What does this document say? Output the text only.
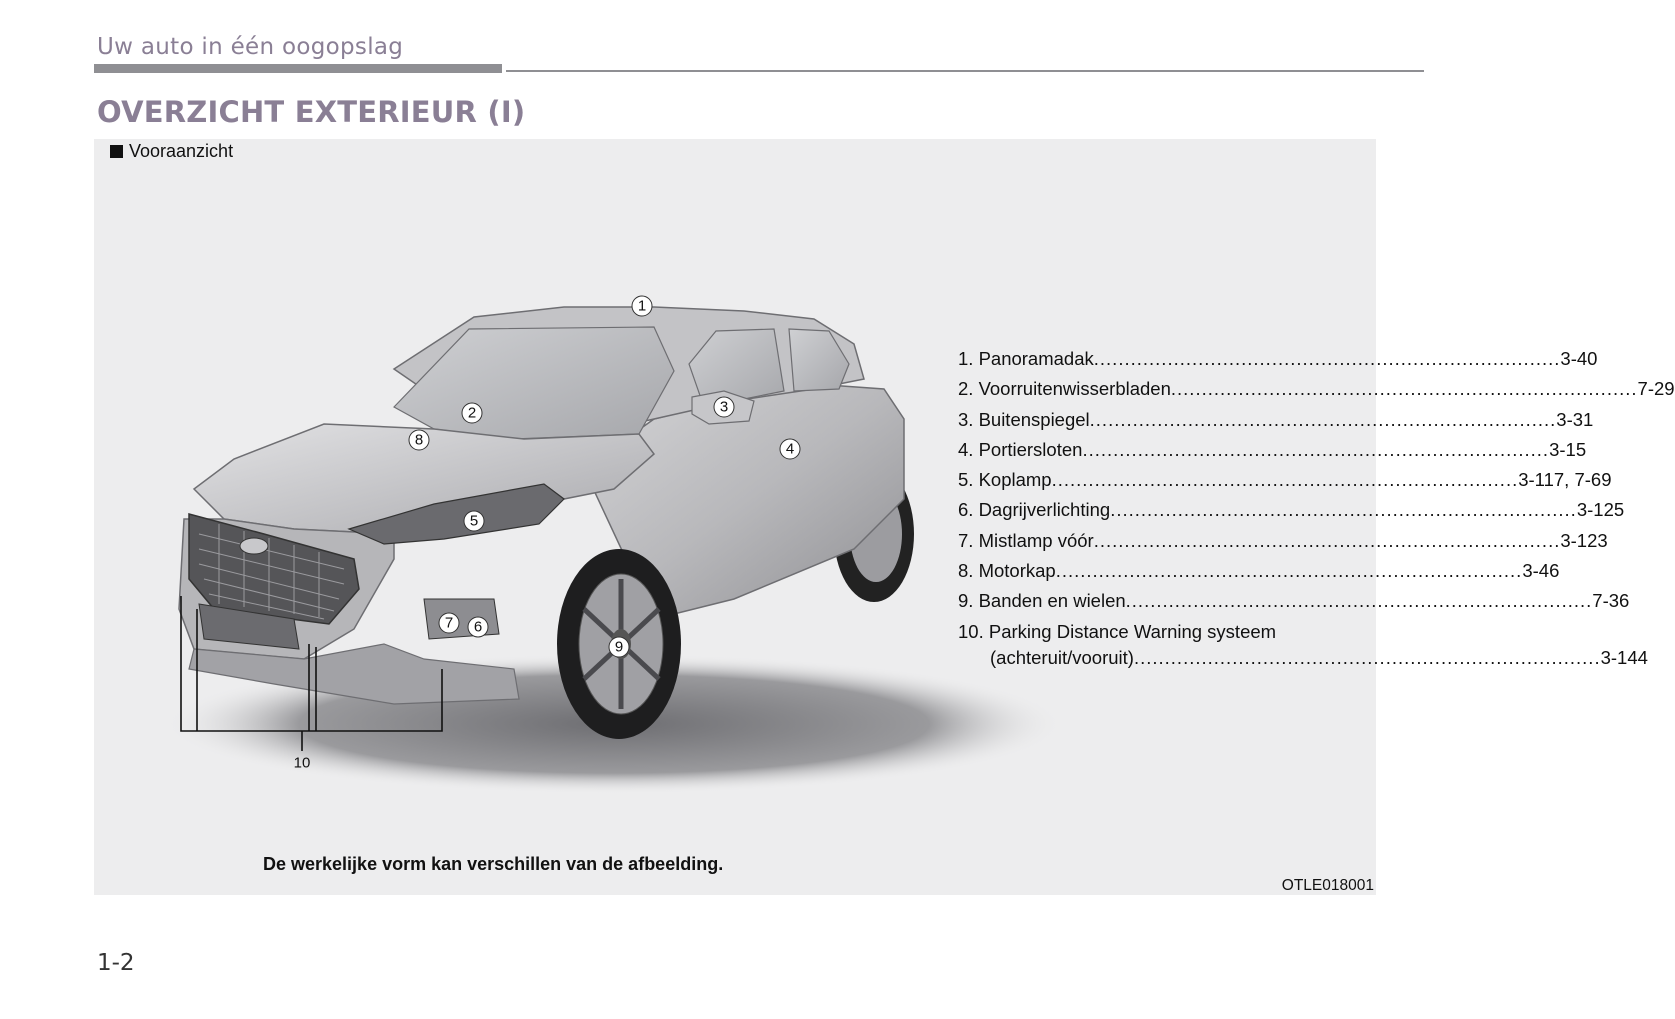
Uw auto in één oogopslag
OVERZICHT EXTERIEUR (I)
Vooraanzicht
1
2	3
4
5
6
7
8
9
10
1. Panoramadak ............................................................................ 3-40
2. Voorruitenwisserbladen ............................................................................ 7-29
3. Buitenspiegel ............................................................................ 3-31
4. Portiersloten ............................................................................ 3-15
5. Koplamp ............................................................................ 3-117, 7-69
6. Dagrijverlichting ............................................................................ 3-125
7. Mistlamp vóór ............................................................................ 3-123
8. Motorkap ............................................................................ 3-46
9. Banden en wielen ............................................................................ 7-36
10. Parking Distance Warning systeem
(achteruit/vooruit) ............................................................................ 3-144
De werkelijke vorm kan verschillen van de afbeelding.
OTLE018001
1-2
